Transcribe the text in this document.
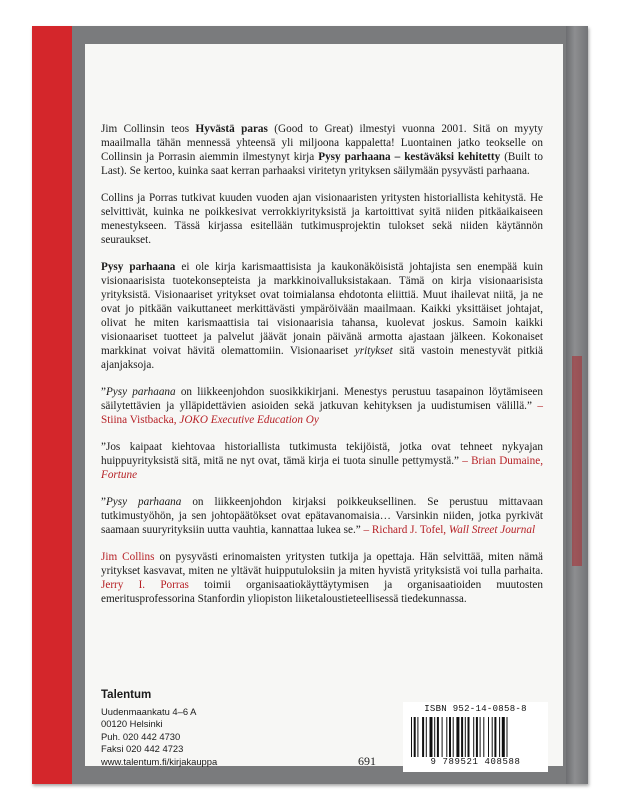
Jim Collinsin teos Hyvästä paras (Good to Great) ilmestyi vuonna 2001. Sitä on myyty maailmalla tähän mennessä yhteensä yli miljoona kappaletta! Luontainen jatko teokselle on Collinsin ja Porrasin aiemmin ilmestynyt kirja Pysy parhaana – kestäväksi kehitetty (Built to Last). Se kertoo, kuinka saat kerran parhaaksi viritetyn yrityksen säilymään pysyvästi parhaana.

Collins ja Porras tutkivat kuuden vuoden ajan visionaaristen yritysten historiallista kehitystä. He selvittivät, kuinka ne poikkesivat verrokkiyrityksistä ja kartoittivat syitä niiden pitkäaikaiseen menestykseen. Tässä kirjassa esitellään tutkimusprojektin tulokset sekä niiden käytännön seuraukset.

Pysy parhaana ei ole kirja karismaattisista ja kaukonäköisistä johtajista sen enempää kuin visionaarisista tuotekonsepteista ja markkinoivalluksistakaan. Tämä on kirja visionaarisista yrityksistä. Visionaariset yritykset ovat toimialansa ehdotonta eliittiä. Muut ihailevat niitä, ja ne ovat jo pitkään vaikuttaneet merkittävästi ympäröivään maailmaan. Kaikki yksittäiset johtajat, olivat he miten karismaattisia tai visionaarisia tahansa, kuolevat joskus. Samoin kaikki visionaariset tuotteet ja palvelut jäävät jonain päivänä armotta ajastaan jälkeen. Kokonaiset markkinat voivat hävitä olemattomiin. Visionaariset yritykset sitä vastoin menestyvät pitkiä ajanjaksoja.

”Pysy parhaana on liikkeenjohdon suosikkikirjani. Menestys perustuu tasapainon löytämiseen säilytettävien ja ylläpidettävien asioiden sekä jatkuvan kehityksen ja uudistumisen välillä.” – Stiina Vistbacka, JOKO Executive Education Oy

”Jos kaipaat kiehtovaa historiallista tutkimusta tekijöistä, jotka ovat tehneet nykyajan huippuyrityksistä sitä, mitä ne nyt ovat, tämä kirja ei tuota sinulle pettymystä.” – Brian Dumaine, Fortune

”Pysy parhaana on liikkeenjohdon kirjaksi poikkeuksellinen. Se perustuu mittavaan tutkimustyöhön, ja sen johtopäätökset ovat epätavanomaisia… Varsinkin niiden, jotka pyrkivät saamaan suuryrityksiin uutta vauhtia, kannattaa lukea se.” – Richard J. Tofel, Wall Street Journal

Jim Collins on pysyvästi erinomaisten yritysten tutkija ja opettaja. Hän selvittää, miten nämä yritykset kasvavat, miten ne yltävät huipputuloksiin ja miten hyvistä yrityksistä voi tulla parhaita. Jerry I. Porras toimii organisaatiokäyttäytymisen ja organisaatioiden muutosten emeritusprofessorina Stanfordin yliopiston liiketaloustieteellisessä tiedekunnassa.

Talentum
Uudenmaankatu 4–6 A
00120 Helsinki
Puh. 020 442 4730
Faksi 020 442 4723
www.talentum.fi/kirjakauppa	691
ISBN 952-14-0858-8
9 789521 408588
